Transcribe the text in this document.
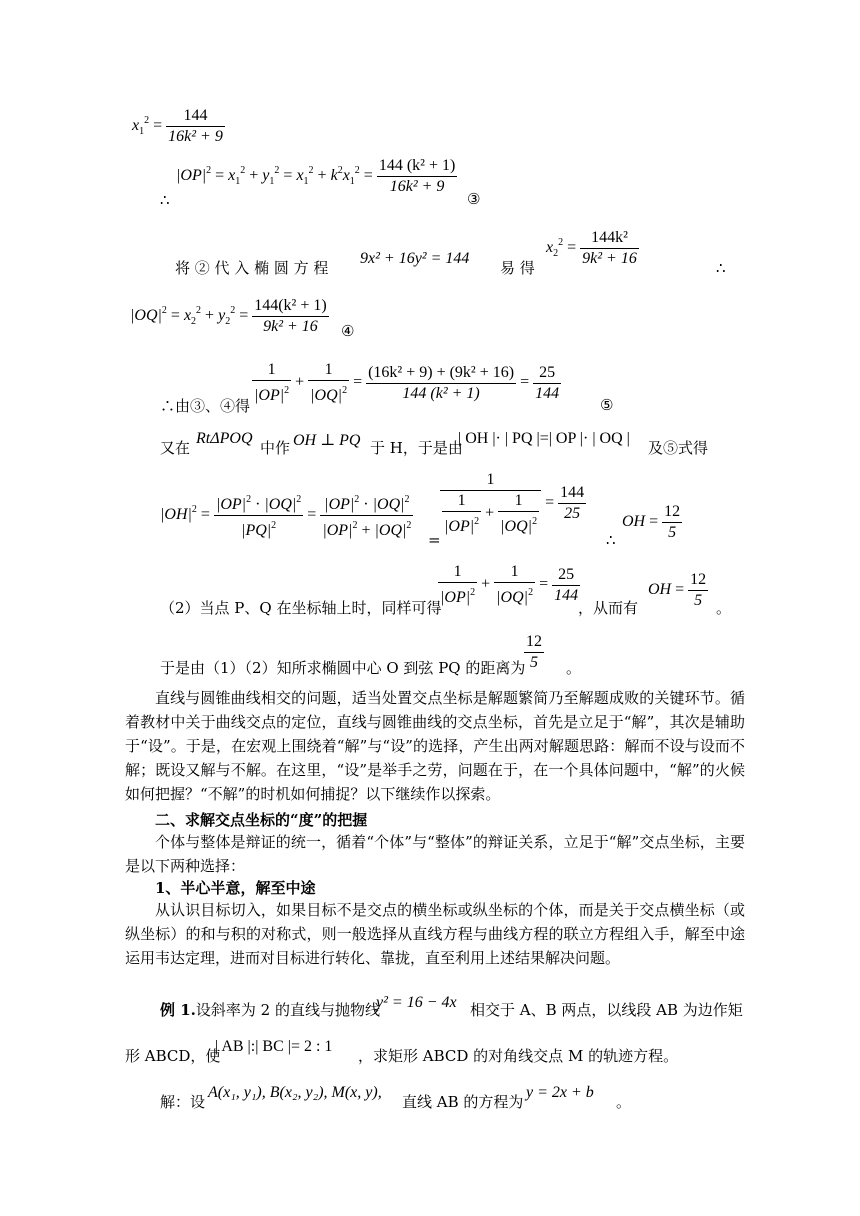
$x_1^2 = \frac{144}{\text{16k² + 9}}$
$|OP|^2 = x_1^2 + y_1^2 = x_1^2 + k^2x_1^2 = \frac{\text{144 (k² + 1)}}{\text{16k² + 9}}$
∴	③
将 ② 代 入 椭 圆 方 程
9x² + 16y² = 144
易 得
$x_2^2 = \frac{\text{144k²}}{\text{9k² + 16}}$	∴
$|OQ|^2 = x_2^2 + y_2^2 = \frac{\text{144(k² + 1)}}{\text{9k² + 16}}$ ④
∴由③、④得 $\frac{1}{|OP|^2} + \frac{1}{|OQ|^2} = \frac{\text{(16k² + 9) + (9k² + 16)}}{\text{144 (k² + 1)}} = \frac{25}{144}$
⑤
又在
RtΔPOQ
中作 OH ⊥ PQ 于 H，于是由
| OH |· | PQ |=| OP |· | OQ |
及⑤式得
$|OH|^2 = \frac{|OP|^2 \cdot |OQ|^2}{|PQ|^2} = \frac{|OP|^2 \cdot |OQ|^2}{|OP|^2 + |OQ|^2}$ =
$\frac{1}{\frac{1}{|OP|^2} + \frac{1}{|OQ|^2}} = \frac{144}{25}$
∴
OH = $\frac{12}{5}$
（2）当点 P、Q 在坐标轴上时，同样可得
$\frac{1}{|OP|^2} + \frac{1}{|OQ|^2} = \frac{25}{144}$
，从而有
OH = $\frac{12}{5}$ 。
于是由（1）（2）知所求椭圆中心 O 到弦 PQ 的距离为
$\frac{12}{5}$ 。
直线与圆锥曲线相交的问题，适当处置交点坐标是解题繁简乃至解题成败的关键环节。循着教材中关于曲线交点的定位，直线与圆锥曲线的交点坐标，首先是立足于“解”，其次是辅助于“设”。于是，在宏观上围绕着“解”与“设”的选择，产生出两对解题思路：解而不设与设而不解；既设又解与不解。在这里，“设”是举手之劳，问题在于，在一个具体问题中，“解”的火候如何把握？“不解”的时机如何捕捉？以下继续作以探索。
二、求解交点坐标的“度”的把握
个体与整体是辩证的统一，循着“个体”与“整体”的辩证关系，立足于“解”交点坐标，主要是以下两种选择：
1、半心半意，解至中途
从认识目标切入，如果目标不是交点的横坐标或纵坐标的个体，而是关于交点横坐标（或纵坐标）的和与积的对称式，则一般选择从直线方程与曲线方程的联立方程组入手，解至中途运用韦达定理，进而对目标进行转化、靠拢，直至利用上述结果解决问题。
例 1.设斜率为 2 的直线与抛物线
y² = 16 − 4x 相交于 A、B 两点，以线段 AB 为边作矩
形 ABCD，使
| AB |:| BC |= 2 : 1
，求矩形 ABCD 的对角线交点 M 的轨迹方程。
解：设
A(x₁, y₁), B(x₂, y₂), M(x, y),
直线 AB 的方程为
y = 2x + b
。
